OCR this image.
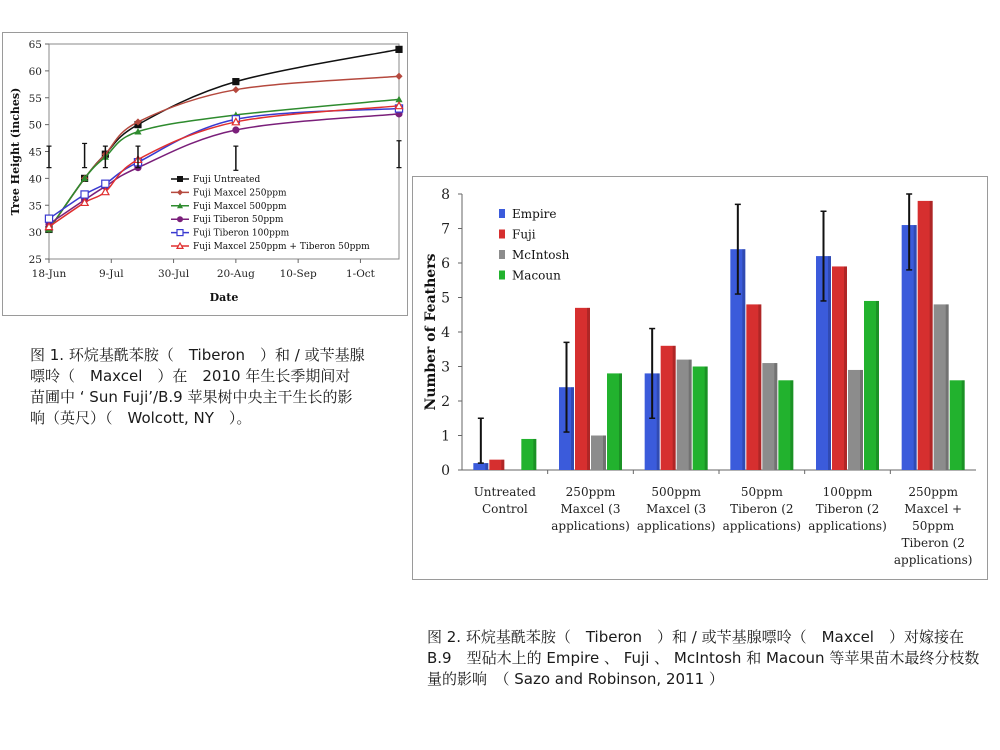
25
30
35
40
45
50
55
60
65
18-Jun	9-Jul	30-Jul	20-Aug 10-Sep	1-Oct
Date
Tree Height (inches)	Fuji Untreated
Fuji Maxcel 250ppm
Fuji Maxcel 500ppm
Fuji Tiberon 50ppm
Fuji Tiberon 100ppm
Fuji Maxcel 250ppm + Tiberon 50ppm
0
1
2
3
4
5
6
7
8
Number of Feathers
Untreated Control
250ppm Maxcel (3 applications)
500ppm Maxcel (3 applications)
50ppm Tiberon (2 applications)
100ppm Tiberon (2 applications)
250ppm Maxcel + 50ppm Tiberon (2 applications)
Empire
Fuji
McIntosh
Macoun
图 1. 环烷基酰苯胺（　Tiberon　）和 / 或苄基腺嘌呤（　Maxcel　）在　2010 年生长季期间对苗圃中 ‘ Sun Fuji’/B.9 苹果树中央主干生长的影响（英尺）（　Wolcott, NY　）。
图 2. 环烷基酰苯胺（　Tiberon　）和 / 或苄基腺嘌呤（　Maxcel　）对嫁接在 B.9　型砧木上的 Empire 、 Fuji 、 McIntosh 和 Macoun 等苹果苗木最终分枝数量的影响　（ Sazo and Robinson, 2011 ）
